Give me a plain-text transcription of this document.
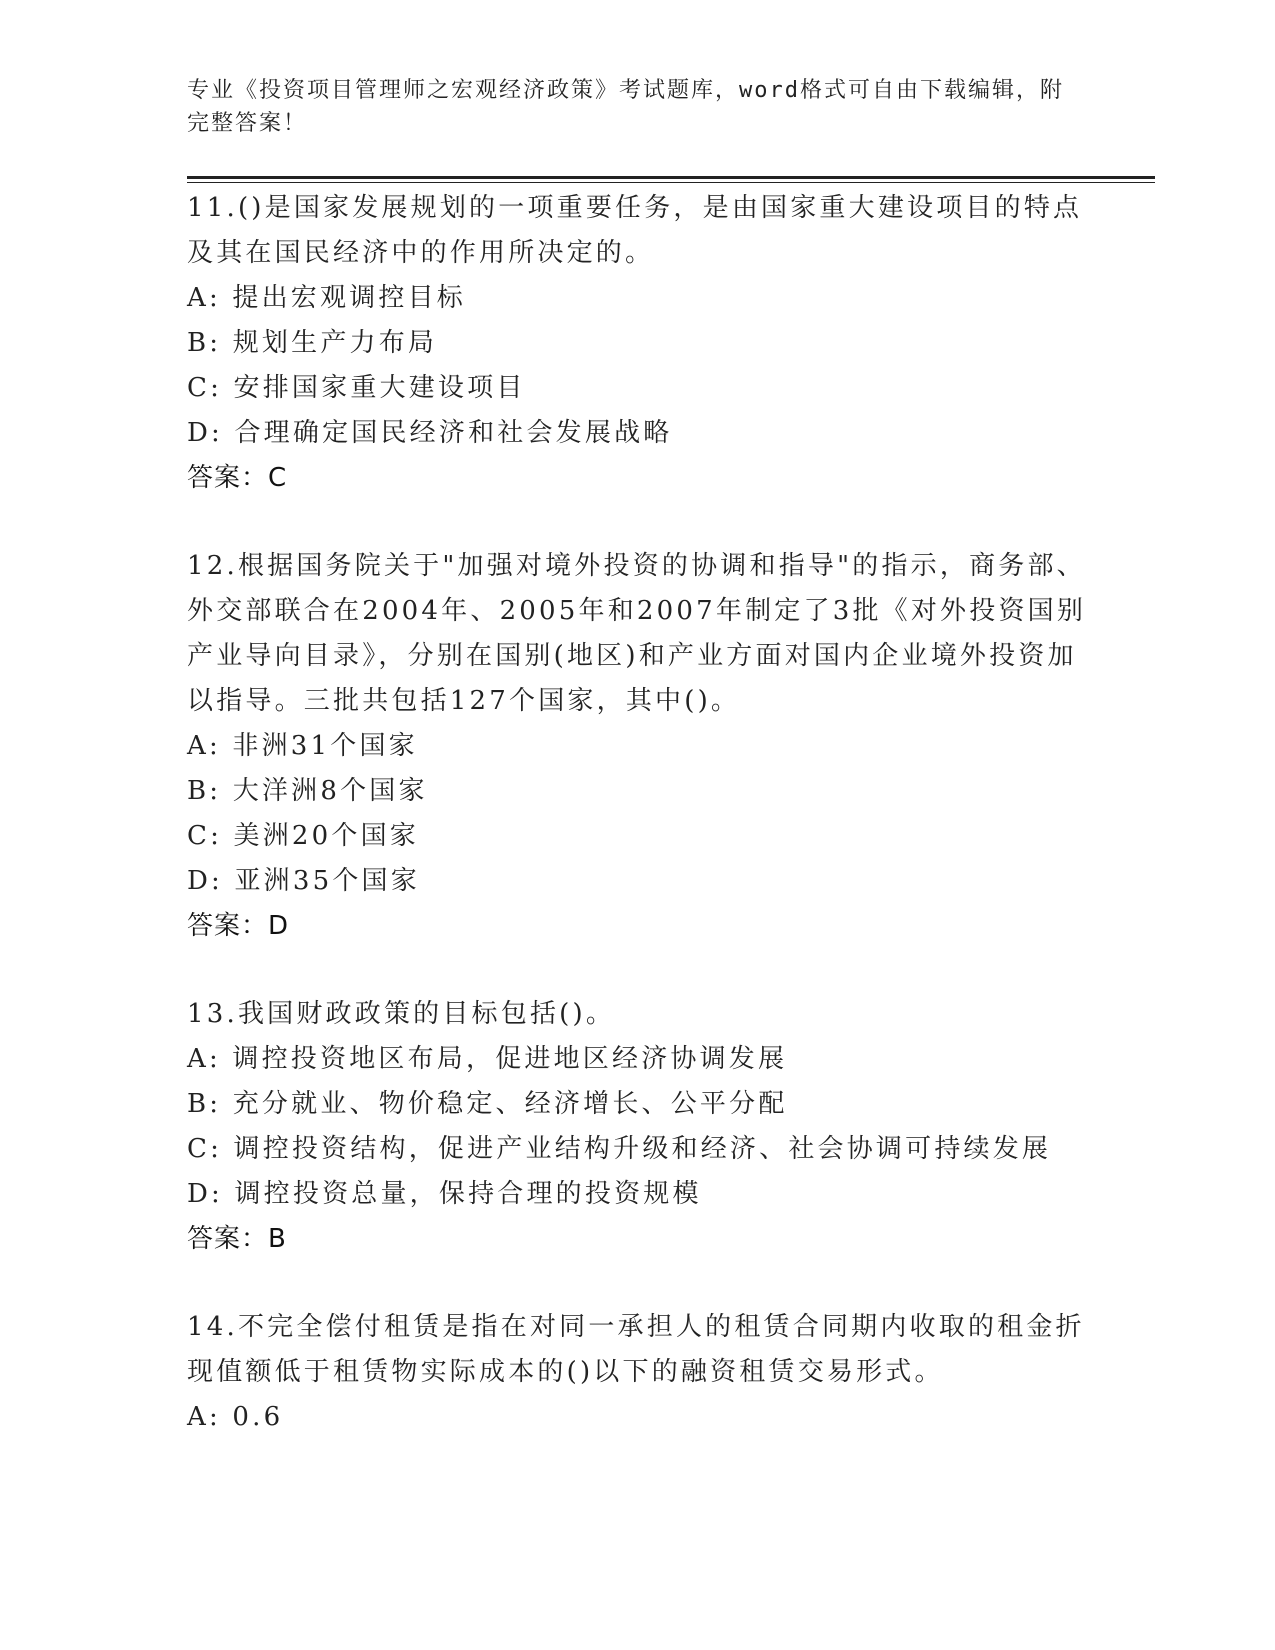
专业《投资项目管理师之宏观经济政策》考试题库，word格式可自由下载编辑，附完整答案！

11.()是国家发展规划的一项重要任务，是由国家重大建设项目的特点及其在国民经济中的作用所决定的。

A: 提出宏观调控目标

B: 规划生产力布局

C: 安排国家重大建设项目

D: 合理确定国民经济和社会发展战略

答案：C

12.根据国务院关于"加强对境外投资的协调和指导"的指示，商务部、外交部联合在2004年、2005年和2007年制定了3批《对外投资国别产业导向目录》，分别在国别(地区)和产业方面对国内企业境外投资加以指导。三批共包括127个国家，其中()。

A: 非洲31个国家

B: 大洋洲8个国家

C: 美洲20个国家

D: 亚洲35个国家

答案：D

13.我国财政政策的目标包括()。

A: 调控投资地区布局，促进地区经济协调发展

B: 充分就业、物价稳定、经济增长、公平分配

C: 调控投资结构，促进产业结构升级和经济、社会协调可持续发展

D: 调控投资总量，保持合理的投资规模

答案：B

14.不完全偿付租赁是指在对同一承担人的租赁合同期内收取的租金折现值额低于租赁物实际成本的()以下的融资租赁交易形式。

A: 0.6
